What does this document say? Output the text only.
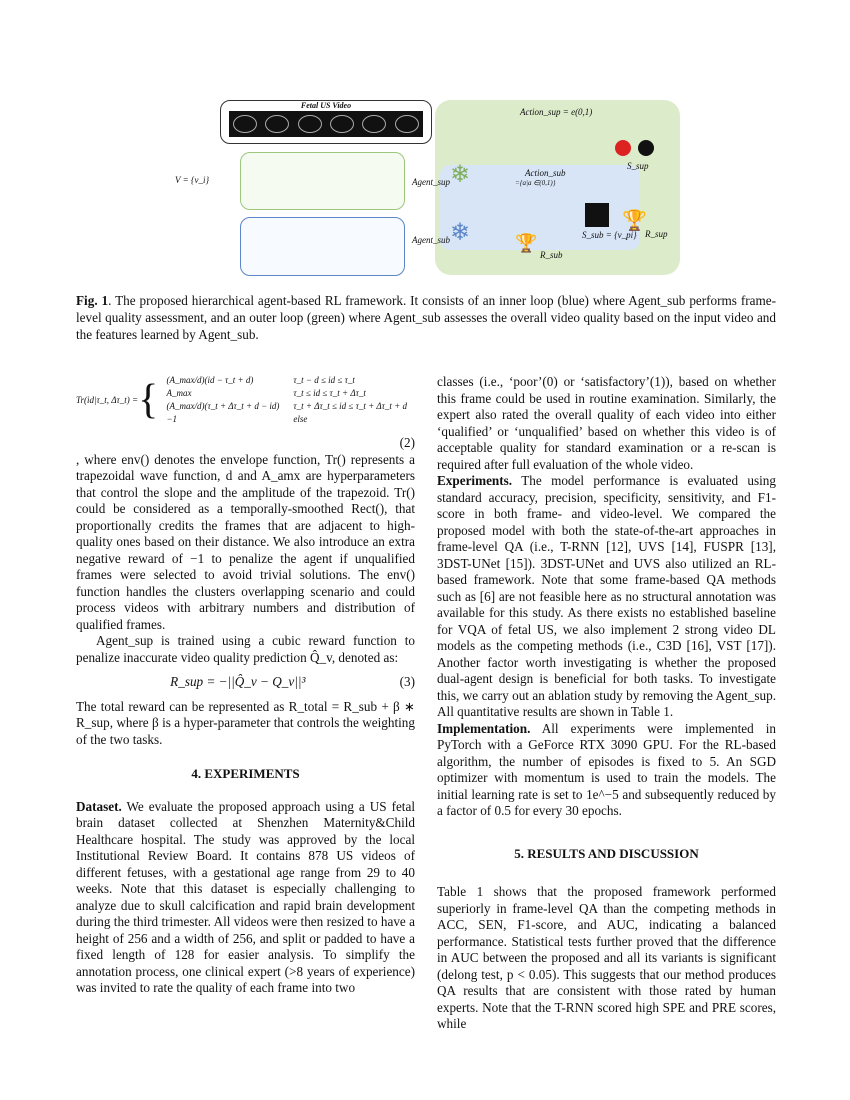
Fetal US Video
V = {v_i}
Action_sup = e(0,1)
Action_sub
={a|a ∈(0,1)}
Agent_sup
Agent_sub
❄
❄
S_sup
🏆
R_sup
S_sub = {v_pi}
🏆
R_sub
Fig. 1. The proposed hierarchical agent-based RL framework. It consists of an inner loop (blue) where Agent_sub performs frame-level quality assessment, and an outer loop (green) where Agent_sub assesses the overall video quality based on the input video and the features learned by Agent_sub.
Tr(id|τ_t, Δτ_t) = { (A_max/d)(id − τ_t + d)	τ_t − d ≤ id ≤ τ_t
A_max	τ_t ≤ id ≤ τ_t + Δτ_t
(A_max/d)(τ_t + Δτ_t + d − id)	τ_t + Δτ_t ≤ id ≤ τ_t + Δτ_t + d
−1	else
(2)

, where env() denotes the envelope function, Tr() represents a trapezoidal wave function, d and A_amx are hyperparameters that control the slope and the amplitude of the trapezoid. Tr() could be considered as a temporally-smoothed Rect(), that proportionally credits the frames that are adjacent to high-quality ones based on their distance. We also introduce an extra negative reward of −1 to penalize the agent if unqualified frames were selected to avoid trivial solutions. The env() function handles the clusters overlapping scenario and could process videos with arbitrary numbers and distribution of qualified frames.

Agent_sup is trained using a cubic reward function to penalize inaccurate video quality prediction Q̂_v, denoted as:

R_sup = −||Q̂_v − Q_v||³	(3)

The total reward can be represented as R_total = R_sub + β ∗ R_sup, where β is a hyper-parameter that controls the weighting of the two tasks.

4. EXPERIMENTS

Dataset. We evaluate the proposed approach using a US fetal brain dataset collected at Shenzhen Maternity&Child Healthcare hospital. The study was approved by the local Institutional Review Board. It contains 878 US videos of different fetuses, with a gestational age range from 29 to 40 weeks. Note that this dataset is especially challenging to analyze due to skull calcification and rapid brain development during the third trimester. All videos were then resized to have a height of 256 and a width of 256, and split or padded to have a fixed length of 128 for easier analysis. To simplify the annotation process, one clinical expert (>8 years of experience) was invited to rate the quality of each frame into two

classes (i.e., ‘poor’(0) or ‘satisfactory’(1)), based on whether this frame could be used in routine examination. Similarly, the expert also rated the overall quality of each video into either ‘qualified’ or ‘unqualified’ based on whether this video is of acceptable quality for standard examination or a re-scan is required after full evaluation of the whole video.

Experiments. The model performance is evaluated using standard accuracy, precision, specificity, sensitivity, and F1-score in both frame- and video-level. We compared the proposed model with both the state-of-the-art approaches in frame-level QA (i.e., T-RNN [12], UVS [14], FUSPR [13], 3DST-UNet [15]). 3DST-UNet and UVS also utilized an RL-based framework. Note that some frame-based QA methods such as [6] are not feasible here as no structural annotation was available for this study. As there exists no established baseline for VQA of fetal US, we also implement 2 strong video DL models as the competing methods (i.e., C3D [16], VST [17]). Another factor worth investigating is whether the proposed dual-agent design is beneficial for both tasks. To investigate this, we carry out an ablation study by removing the Agent_sup. All quantitative results are shown in Table 1.

Implementation. All experiments were implemented in PyTorch with a GeForce RTX 3090 GPU. For the RL-based algorithm, the number of episodes is fixed to 5. An SGD optimizer with momentum is used to train the models. The initial learning rate is set to 1e^−5 and subsequently reduced by a factor of 0.5 for every 30 epochs.

5. RESULTS AND DISCUSSION

Table 1 shows that the proposed framework performed superiorly in frame-level QA than the competing methods in ACC, SEN, F1-score, and AUC, indicating a balanced performance. Statistical tests further proved that the difference in AUC between the proposed and all its variants is significant (delong test, p < 0.05). This suggests that our method produces QA results that are consistent with those rated by human experts. Note that the T-RNN scored high SPE and PRE scores, while
